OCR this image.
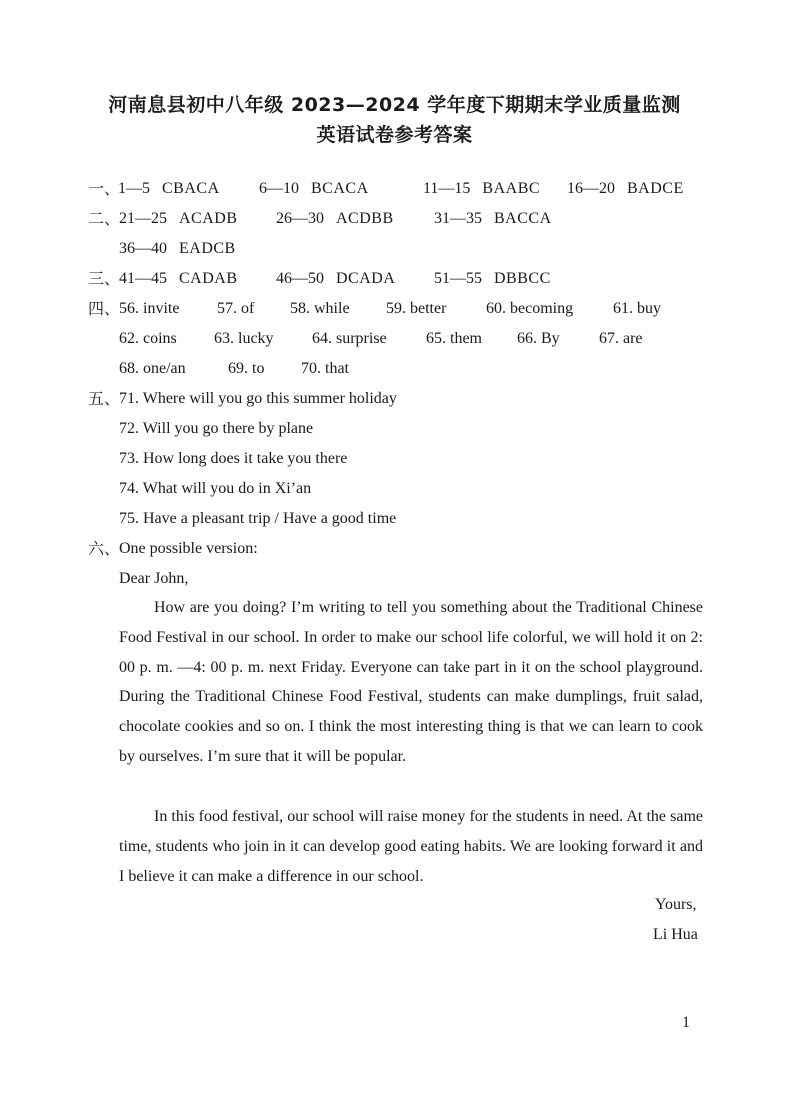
河南息县初中八年级 2023—2024 学年度下期期末学业质量监测
英语试卷参考答案
一、
1—5 CBACA 6—10 BCACA	11—15 BAABC 16—20 BADCE
二、
21—25 ACADB 26—30 ACDBB	31—35 BACCA
36—40 EADCB
三、
41—45 CADAB 46—50 DCADA 51—55 DBBCC
四、
56. invite 57. of 58. while 59. better 60. becoming 61. buy
62. coins 63. lucky 64. surprise 65. them 66. By 67. are
68. one/an	69. to 70. that
五、
71. Where will you go this summer holiday
72. Will you go there by plane
73. How long does it take you there
74. What will you do in Xi’an
75. Have a pleasant trip / Have a good time
六、
One possible version:
Dear John,

How are you doing? I’m writing to tell you something about the Traditional Chinese Food Festival in our school. In order to make our school life colorful, we will hold it on 2: 00 p. m. —4: 00 p. m. next Friday. Everyone can take part in it on the school playground. During the Traditional Chinese Food Festival, students can make dumplings, fruit salad, chocolate cookies and so on. I think the most interesting thing is that we can learn to cook by ourselves. I’m sure that it will be popular.

In this food festival, our school will raise money for the students in need. At the same time, students who join in it can develop good eating habits. We are looking forward it and I believe it can make a difference in our school.

Yours,
Li Hua
1
